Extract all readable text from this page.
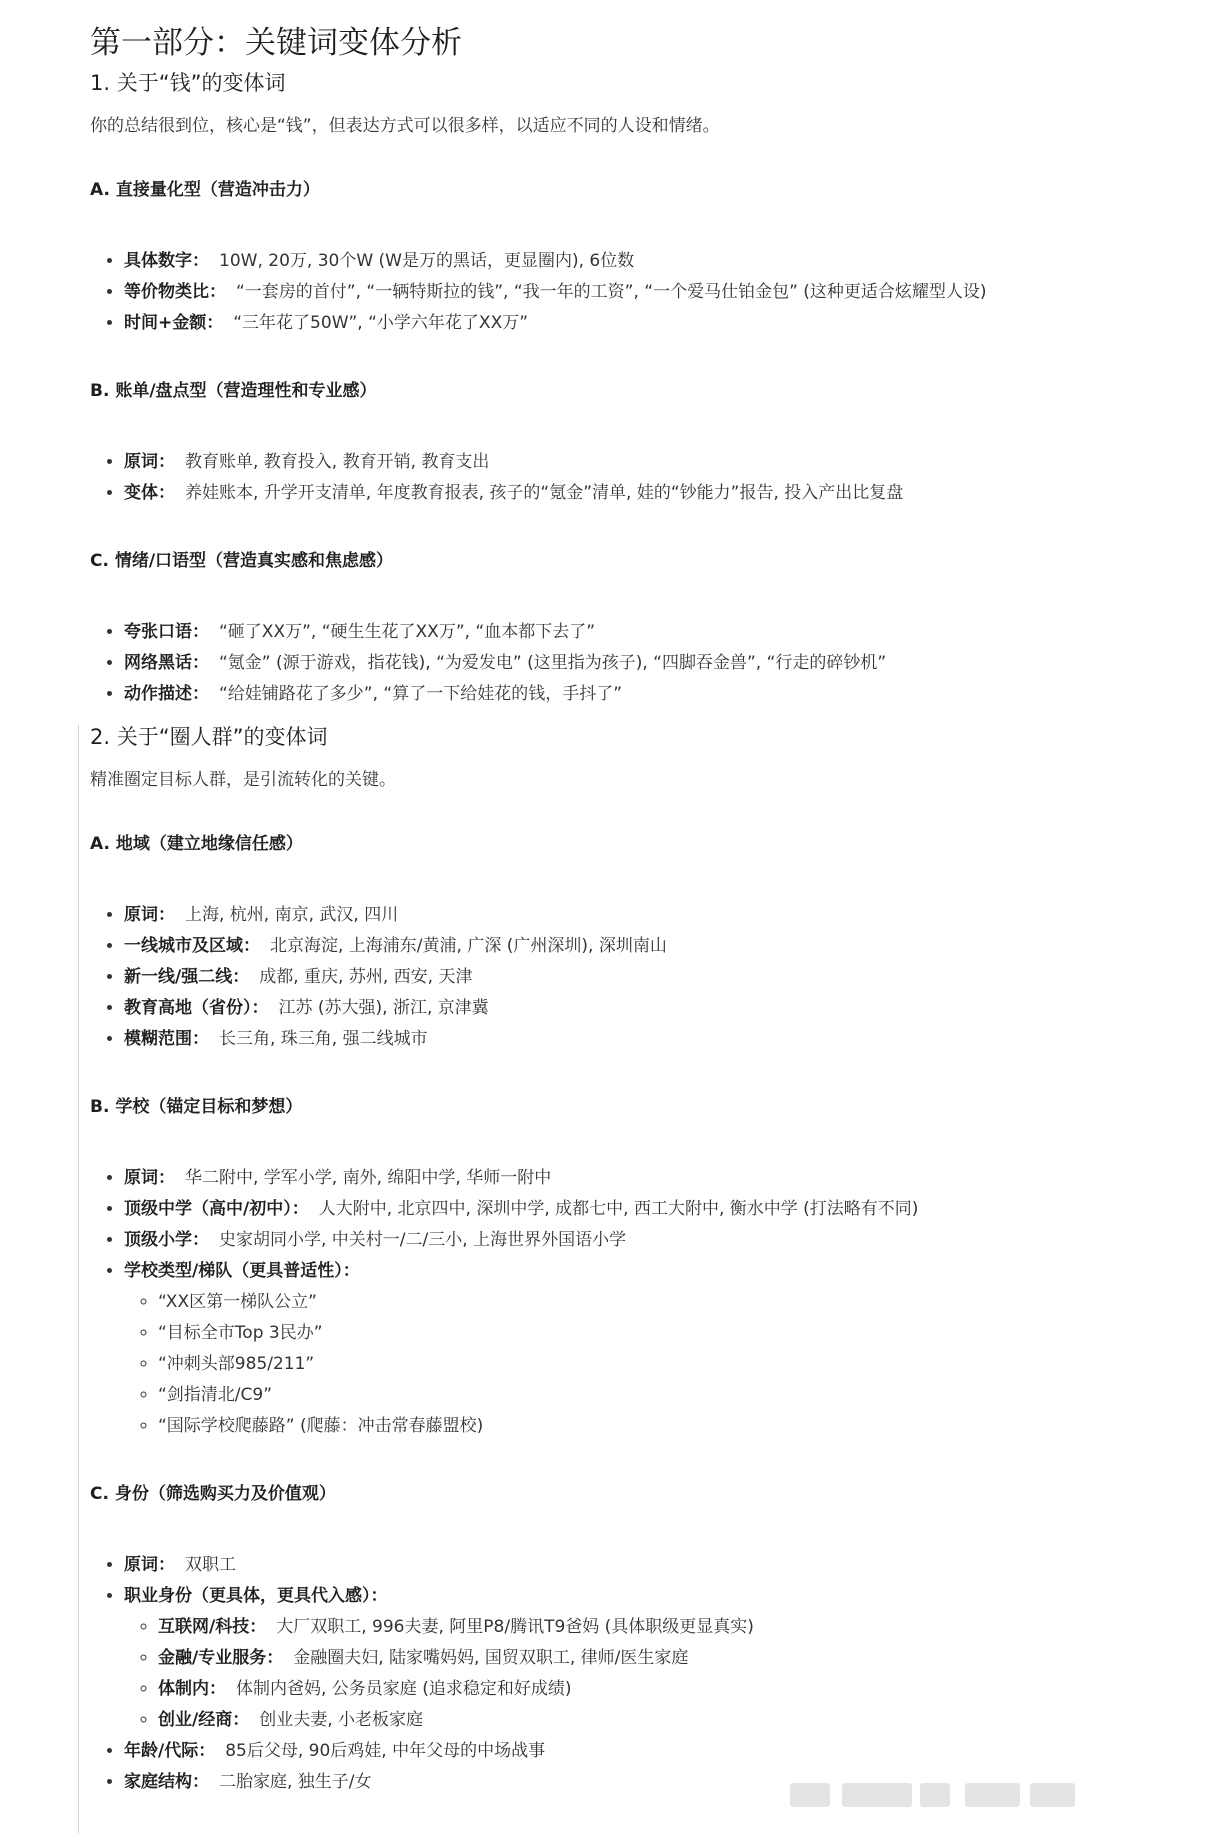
第一部分：关键词变体分析
1. 关于“钱”的变体词

你的总结很到位，核心是“钱”，但表达方式可以很多样，以适应不同的人设和情绪。

A. 直接量化型（营造冲击力）
• 具体数字： 10W, 20万, 30个W (W是万的黑话，更显圈内), 6位数
• 等价物类比： “一套房的首付”, “一辆特斯拉的钱”, “我一年的工资”, “一个爱马仕铂金包” (这种更适合炫耀型人设)
• 时间+金额： “三年花了50W”, “小学六年花了XX万”
B. 账单/盘点型（营造理性和专业感）
• 原词： 教育账单, 教育投入, 教育开销, 教育支出
• 变体： 养娃账本, 升学开支清单, 年度教育报表, 孩子的“氪金”清单, 娃的“钞能力”报告, 投入产出比复盘
C. 情绪/口语型（营造真实感和焦虑感）
• 夸张口语： “砸了XX万”, “硬生生花了XX万”, “血本都下去了”
• 网络黑话： “氪金” (源于游戏，指花钱), “为爱发电” (这里指为孩子), “四脚吞金兽”, “行走的碎钞机”
• 动作描述： “给娃铺路花了多少”, “算了一下给娃花的钱，手抖了”
2. 关于“圈人群”的变体词

精准圈定目标人群，是引流转化的关键。

A. 地域（建立地缘信任感）
• 原词： 上海, 杭州, 南京, 武汉, 四川
• 一线城市及区域： 北京海淀, 上海浦东/黄浦, 广深 (广州深圳), 深圳南山
• 新一线/强二线： 成都, 重庆, 苏州, 西安, 天津
• 教育高地（省份）： 江苏 (苏大强), 浙江, 京津冀
• 模糊范围： 长三角, 珠三角, 强二线城市
B. 学校（锚定目标和梦想）
• 原词： 华二附中, 学军小学, 南外, 绵阳中学, 华师一附中
• 顶级中学（高中/初中）： 人大附中, 北京四中, 深圳中学, 成都七中, 西工大附中, 衡水中学 (打法略有不同)
• 顶级小学： 史家胡同小学, 中关村一/二/三小, 上海世界外国语小学
• 学校类型/梯队（更具普适性）：
◦ “XX区第一梯队公立”
◦ “目标全市Top 3民办”
◦ “冲刺头部985/211”
◦ “剑指清北/C9”
◦ “国际学校爬藤路” (爬藤：冲击常春藤盟校)
C. 身份（筛选购买力及价值观）
• 原词： 双职工
• 职业身份（更具体，更具代入感）：
◦ 互联网/科技： 大厂双职工, 996夫妻, 阿里P8/腾讯T9爸妈 (具体职级更显真实)
◦ 金融/专业服务： 金融圈夫妇, 陆家嘴妈妈, 国贸双职工, 律师/医生家庭
◦ 体制内： 体制内爸妈, 公务员家庭 (追求稳定和好成绩)
◦ 创业/经商： 创业夫妻, 小老板家庭
• 年龄/代际： 85后父母, 90后鸡娃, 中年父母的中场战事
• 家庭结构： 二胎家庭, 独生子/女
